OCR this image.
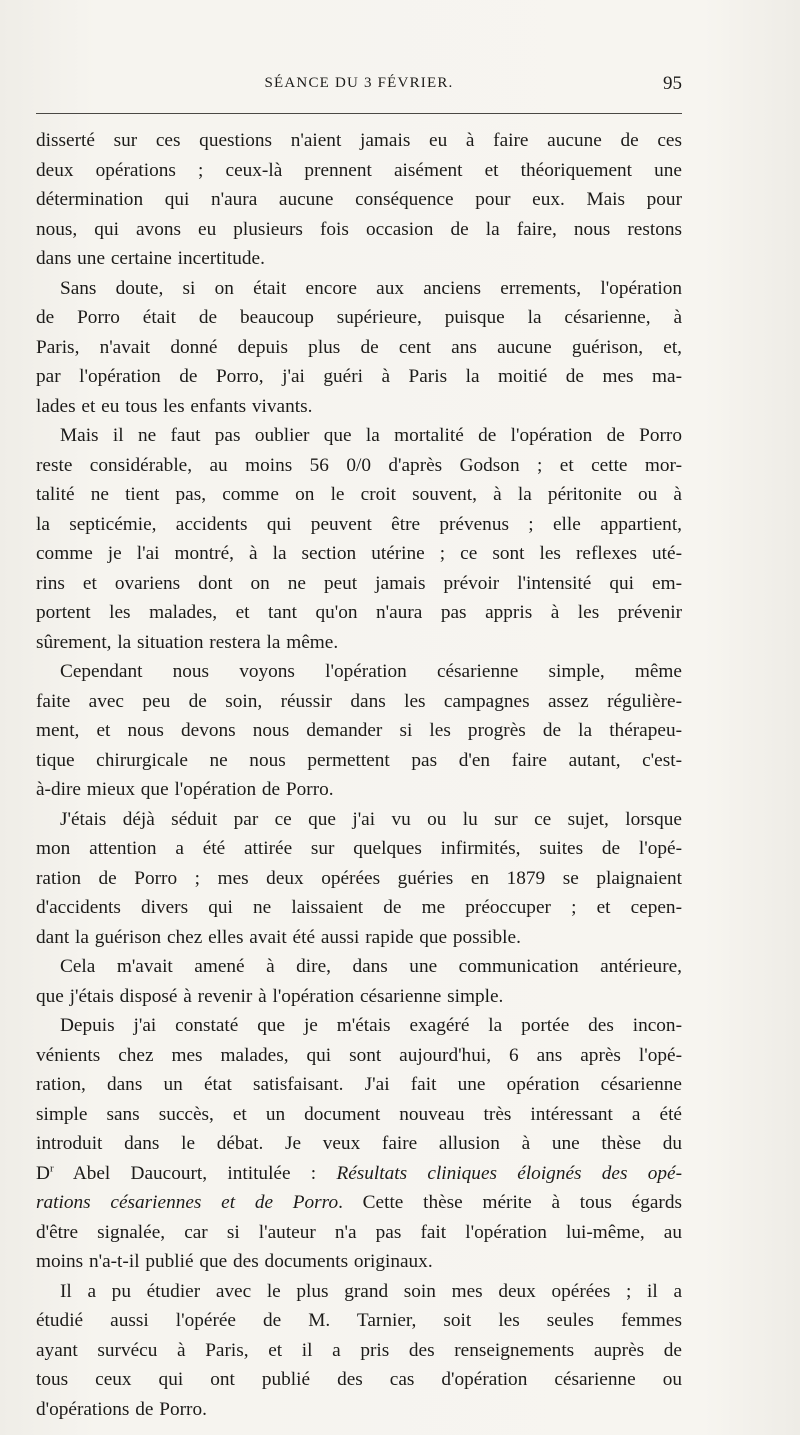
SÉANCE DU 3 FÉVRIER.	95
disserté sur ces questions n'aient jamais eu à faire aucune de ces
deux opérations ; ceux-là prennent aisément et théoriquement une
détermination qui n'aura aucune conséquence pour eux. Mais pour
nous, qui avons eu plusieurs fois occasion de la faire, nous restons
dans une certaine incertitude.
Sans doute, si on était encore aux anciens errements, l'opération
de Porro était de beaucoup supérieure, puisque la césarienne, à
Paris, n'avait donné depuis plus de cent ans aucune guérison, et,
par l'opération de Porro, j'ai guéri à Paris la moitié de mes ma-
lades et eu tous les enfants vivants.
Mais il ne faut pas oublier que la mortalité de l'opération de Porro
reste considérable, au moins 56 0/0 d'après Godson ; et cette mor-
talité ne tient pas, comme on le croit souvent, à la péritonite ou à
la septicémie, accidents qui peuvent être prévenus ; elle appartient,
comme je l'ai montré, à la section utérine ; ce sont les reflexes uté-
rins et ovariens dont on ne peut jamais prévoir l'intensité qui em-
portent les malades, et tant qu'on n'aura pas appris à les prévenir
sûrement, la situation restera la même.
Cependant nous voyons l'opération césarienne simple, même
faite avec peu de soin, réussir dans les campagnes assez régulière-
ment, et nous devons nous demander si les progrès de la thérapeu-
tique chirurgicale ne nous permettent pas d'en faire autant, c'est-
à-dire mieux que l'opération de Porro.
J'étais déjà séduit par ce que j'ai vu ou lu sur ce sujet, lorsque
mon attention a été attirée sur quelques infirmités, suites de l'opé-
ration de Porro ; mes deux opérées guéries en 1879 se plaignaient
d'accidents divers qui ne laissaient de me préoccuper ; et cepen-
dant la guérison chez elles avait été aussi rapide que possible.
Cela m'avait amené à dire, dans une communication antérieure,
que j'étais disposé à revenir à l'opération césarienne simple.
Depuis j'ai constaté que je m'étais exagéré la portée des incon-
vénients chez mes malades, qui sont aujourd'hui, 6 ans après l'opé-
ration, dans un état satisfaisant. J'ai fait une opération césarienne
simple sans succès, et un document nouveau très intéressant a été
introduit dans le débat. Je veux faire allusion à une thèse du
$D^r$ Abel Daucourt, intitulée : Résultats cliniques éloignés des opé-
rations césariennes et de Porro. Cette thèse mérite à tous égards
d'être signalée, car si l'auteur n'a pas fait l'opération lui-même, au
moins n'a-t-il publié que des documents originaux.
Il a pu étudier avec le plus grand soin mes deux opérées ; il a
étudié aussi l'opérée de M. Tarnier, soit les seules femmes
ayant survécu à Paris, et il a pris des renseignements auprès de
tous ceux qui ont publié des cas d'opération césarienne ou
d'opérations de Porro.
